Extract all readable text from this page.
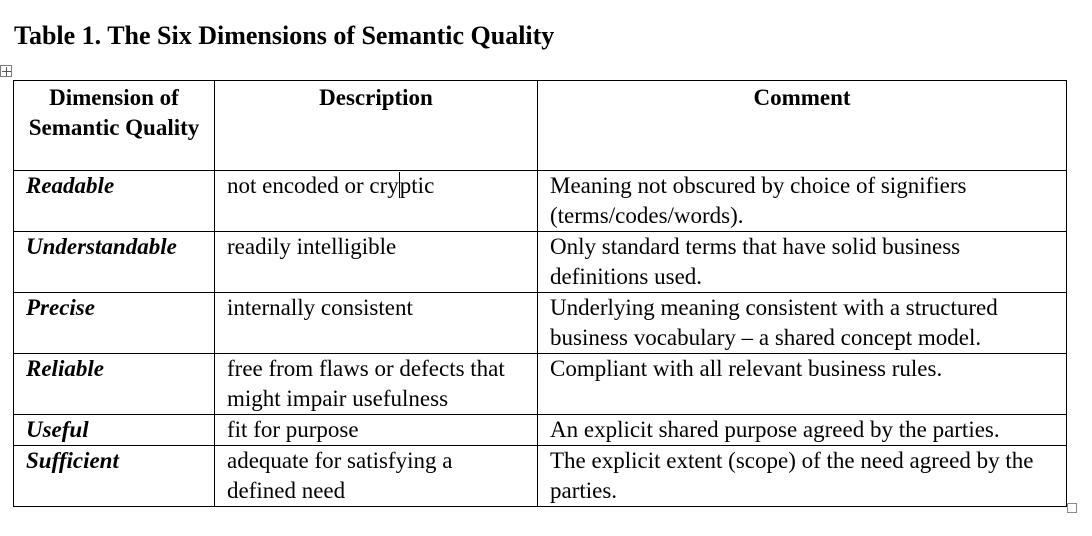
Table 1. The Six Dimensions of Semantic Quality
Dimension of Semantic Quality	Description	Comment
Readable	not encoded or cryptic	Meaning not obscured by choice of signifiers (terms/codes/words).
Understandable	readily intelligible	Only standard terms that have solid business definitions used.
Precise	internally consistent	Underlying meaning consistent with a structured business vocabulary – a shared concept model.
Reliable	free from flaws or defects that might impair usefulness	Compliant with all relevant business rules.
Useful	fit for purpose	An explicit shared purpose agreed by the parties.
Sufficient	adequate for satisfying a defined need	The explicit extent (scope) of the need agreed by the parties.
